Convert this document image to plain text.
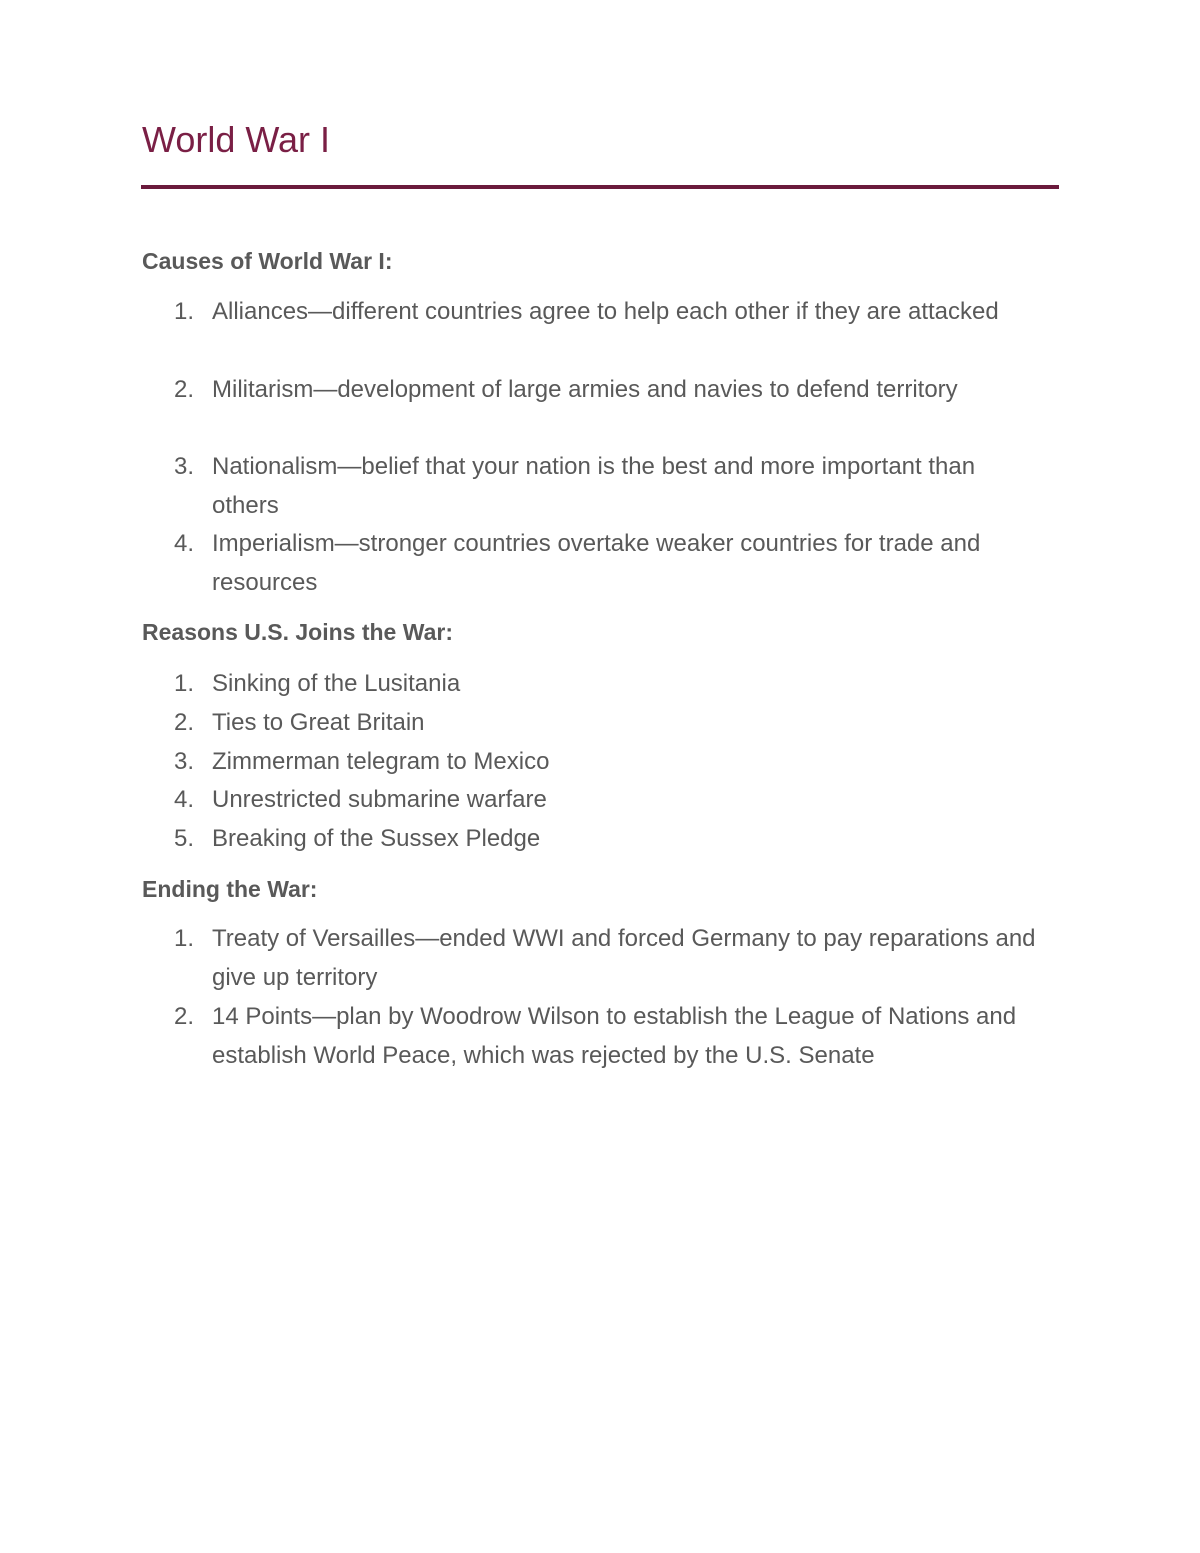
World War I
Causes of World War I:
1. Alliances—different countries agree to help each other if they are attacked
2. Militarism—development of large armies and navies to defend territory
3. Nationalism—belief that your nation is the best and more important than others
4. Imperialism—stronger countries overtake weaker countries for trade and resources
Reasons U.S. Joins the War:
1. Sinking of the Lusitania
2. Ties to Great Britain
3. Zimmerman telegram to Mexico
4. Unrestricted submarine warfare
5. Breaking of the Sussex Pledge
Ending the War:
1. Treaty of Versailles—ended WWI and forced Germany to pay reparations and give up territory
2. 14 Points—plan by Woodrow Wilson to establish the League of Nations and establish World Peace, which was rejected by the U.S. Senate
